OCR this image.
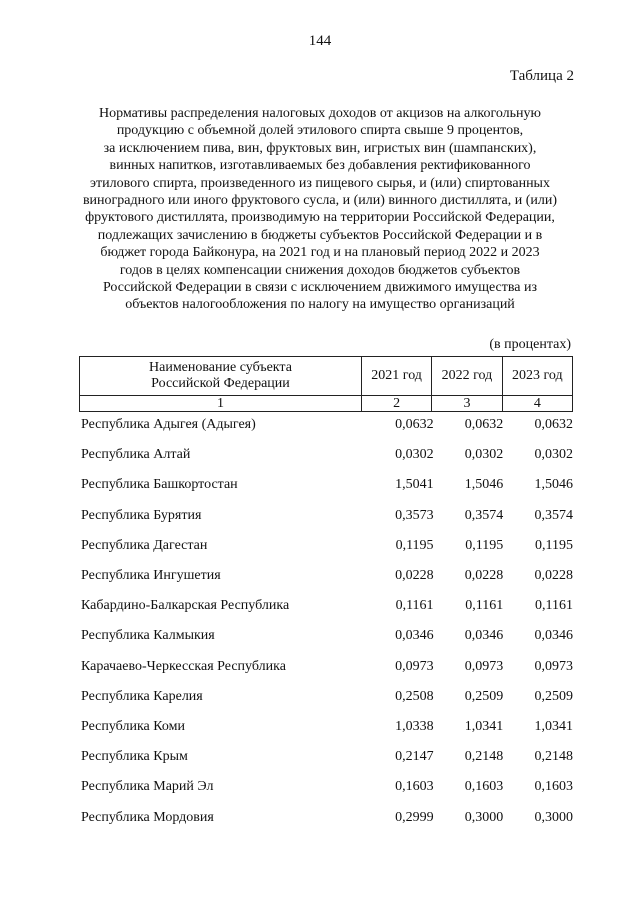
144
Таблица 2
Нормативы распределения налоговых доходов от акцизов на алкогольную
продукцию с объемной долей этилового спирта свыше 9 процентов,
за исключением пива, вин, фруктовых вин, игристых вин (шампанских),
винных напитков, изготавливаемых без добавления ректификованного
этилового спирта, произведенного из пищевого сырья, и (или) спиртованных
виноградного или иного фруктового сусла, и (или) винного дистиллята, и (или)
фруктового дистиллята, производимую на территории Российской Федерации,
подлежащих зачислению в бюджеты субъектов Российской Федерации и в
бюджет города Байконура, на 2021 год и на плановый период 2022 и 2023
годов в целях компенсации снижения доходов бюджетов субъектов
Российской Федерации в связи с исключением движимого имущества из
объектов налогообложения по налогу на имущество организаций
(в процентах)
Наименование субъекта
Российской Федерации	2021 год	2022 год	2023 год
1	2	3	4
Республика Адыгея (Адыгея)	0,0632	0,0632	0,0632
Республика Алтай	0,0302	0,0302	0,0302
Республика Башкортостан	1,5041	1,5046	1,5046
Республика Бурятия	0,3573	0,3574	0,3574
Республика Дагестан	0,1195	0,1195	0,1195
Республика Ингушетия	0,0228	0,0228	0,0228
Кабардино-Балкарская Республика	0,1161	0,1161	0,1161
Республика Калмыкия	0,0346	0,0346	0,0346
Карачаево-Черкесская Республика	0,0973	0,0973	0,0973
Республика Карелия	0,2508	0,2509	0,2509
Республика Коми	1,0338	1,0341	1,0341
Республика Крым	0,2147	0,2148	0,2148
Республика Марий Эл	0,1603	0,1603	0,1603
Республика Мордовия	0,2999	0,3000	0,3000
